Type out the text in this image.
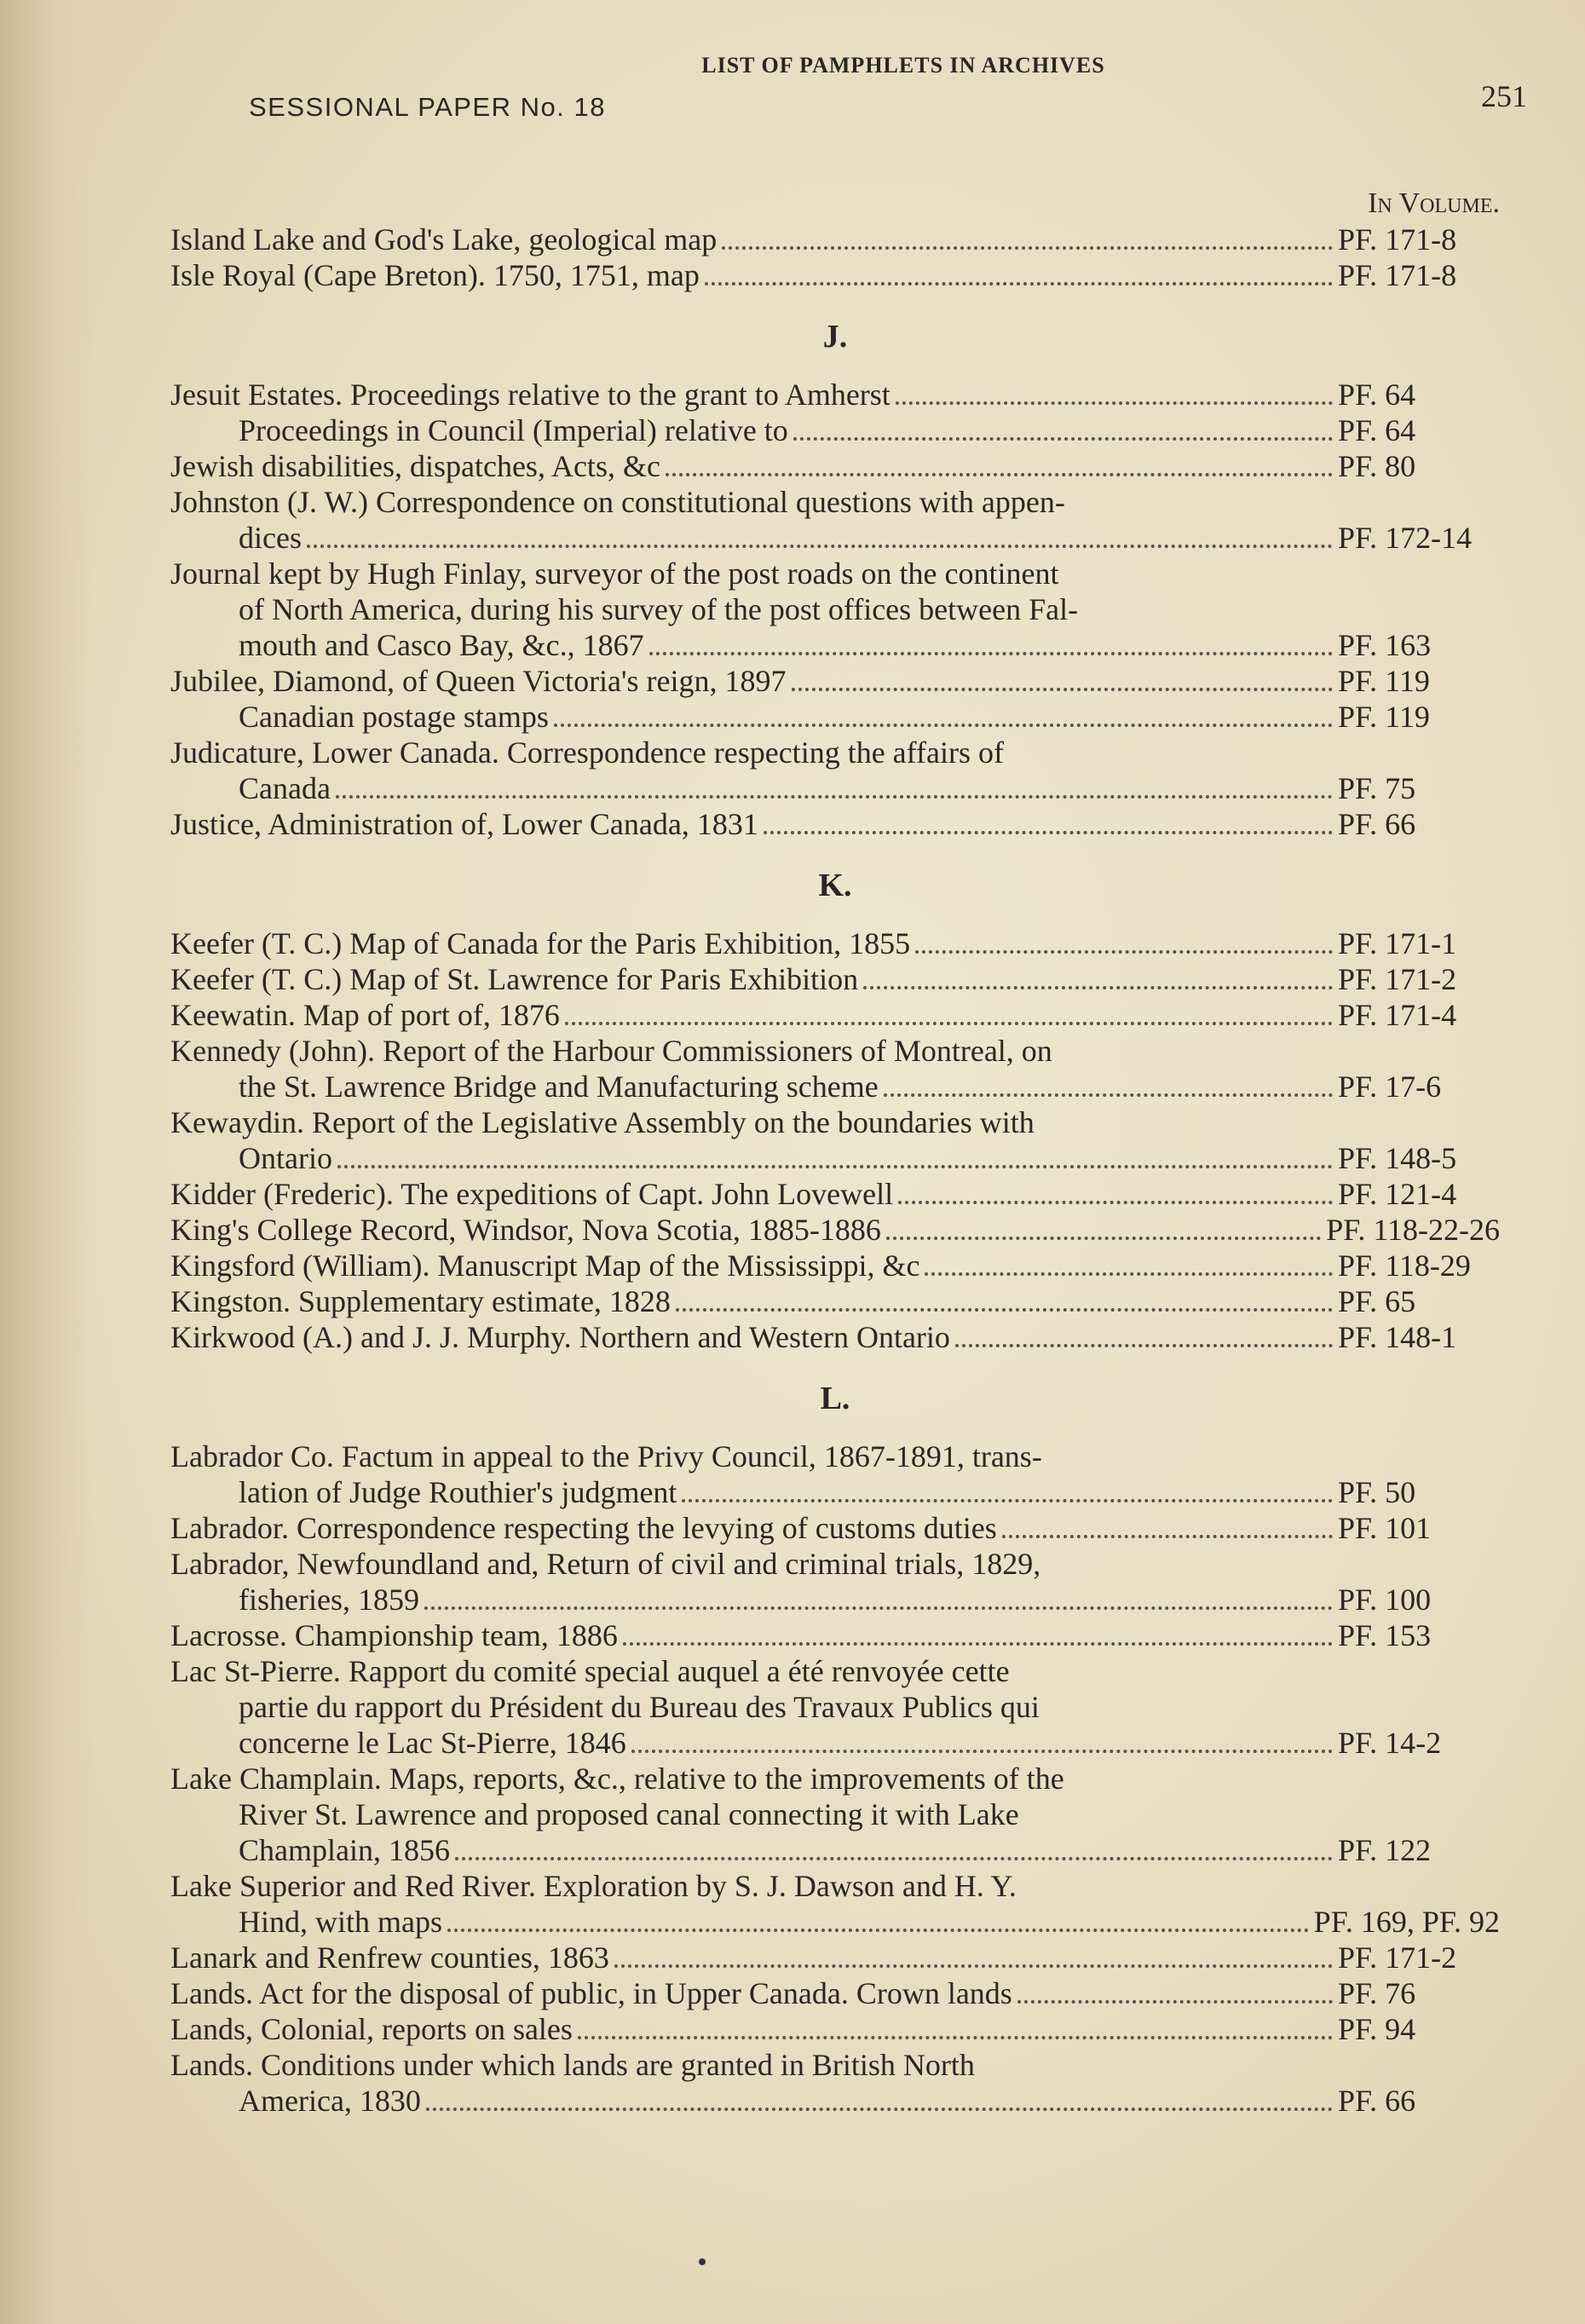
LIST OF PAMPHLETS IN ARCHIVES
SESSIONAL PAPER No. 18	251
In Volume.
Island Lake and God's Lake, geological map	PF. 171-8
Isle Royal (Cape Breton). 1750, 1751, map	PF. 171-8
J.
Jesuit Estates. Proceedings relative to the grant to Amherst	PF. 64
Proceedings in Council (Imperial) relative to	PF. 64
Jewish disabilities, dispatches, Acts, &c	PF. 80
Johnston (J. W.) Correspondence on constitutional questions with appen-
dices	PF. 172-14
Journal kept by Hugh Finlay, surveyor of the post roads on the continent
of North America, during his survey of the post offices between Fal-
mouth and Casco Bay, &c., 1867	PF. 163
Jubilee, Diamond, of Queen Victoria's reign, 1897	PF. 119
Canadian postage stamps	PF. 119
Judicature, Lower Canada. Correspondence respecting the affairs of
Canada	PF. 75
Justice, Administration of, Lower Canada, 1831	PF. 66
K.
Keefer (T. C.) Map of Canada for the Paris Exhibition, 1855	PF. 171-1
Keefer (T. C.) Map of St. Lawrence for Paris Exhibition	PF. 171-2
Keewatin. Map of port of, 1876	PF. 171-4
Kennedy (John). Report of the Harbour Commissioners of Montreal, on
the St. Lawrence Bridge and Manufacturing scheme	PF. 17-6
Kewaydin. Report of the Legislative Assembly on the boundaries with
Ontario	PF. 148-5
Kidder (Frederic). The expeditions of Capt. John Lovewell	PF. 121-4
King's College Record, Windsor, Nova Scotia, 1885-1886	PF. 118-22-26
Kingsford (William). Manuscript Map of the Mississippi, &c	PF. 118-29
Kingston. Supplementary estimate, 1828	PF. 65
Kirkwood (A.) and J. J. Murphy. Northern and Western Ontario	PF. 148-1
L.
Labrador Co. Factum in appeal to the Privy Council, 1867-1891, trans-
lation of Judge Routhier's judgment	PF. 50
Labrador. Correspondence respecting the levying of customs duties	PF. 101
Labrador, Newfoundland and, Return of civil and criminal trials, 1829,
fisheries, 1859	PF. 100
Lacrosse. Championship team, 1886	PF. 153
Lac St-Pierre. Rapport du comité special auquel a été renvoyée cette
partie du rapport du Président du Bureau des Travaux Publics qui
concerne le Lac St-Pierre, 1846	PF. 14-2
Lake Champlain. Maps, reports, &c., relative to the improvements of the
River St. Lawrence and proposed canal connecting it with Lake
Champlain, 1856	PF. 122
Lake Superior and Red River. Exploration by S. J. Dawson and H. Y.
Hind, with maps	PF. 169, PF. 92
Lanark and Renfrew counties, 1863	PF. 171-2
Lands. Act for the disposal of public, in Upper Canada. Crown lands	PF. 76
Lands, Colonial, reports on sales	PF. 94
Lands. Conditions under which lands are granted in British North
America, 1830	PF. 66
